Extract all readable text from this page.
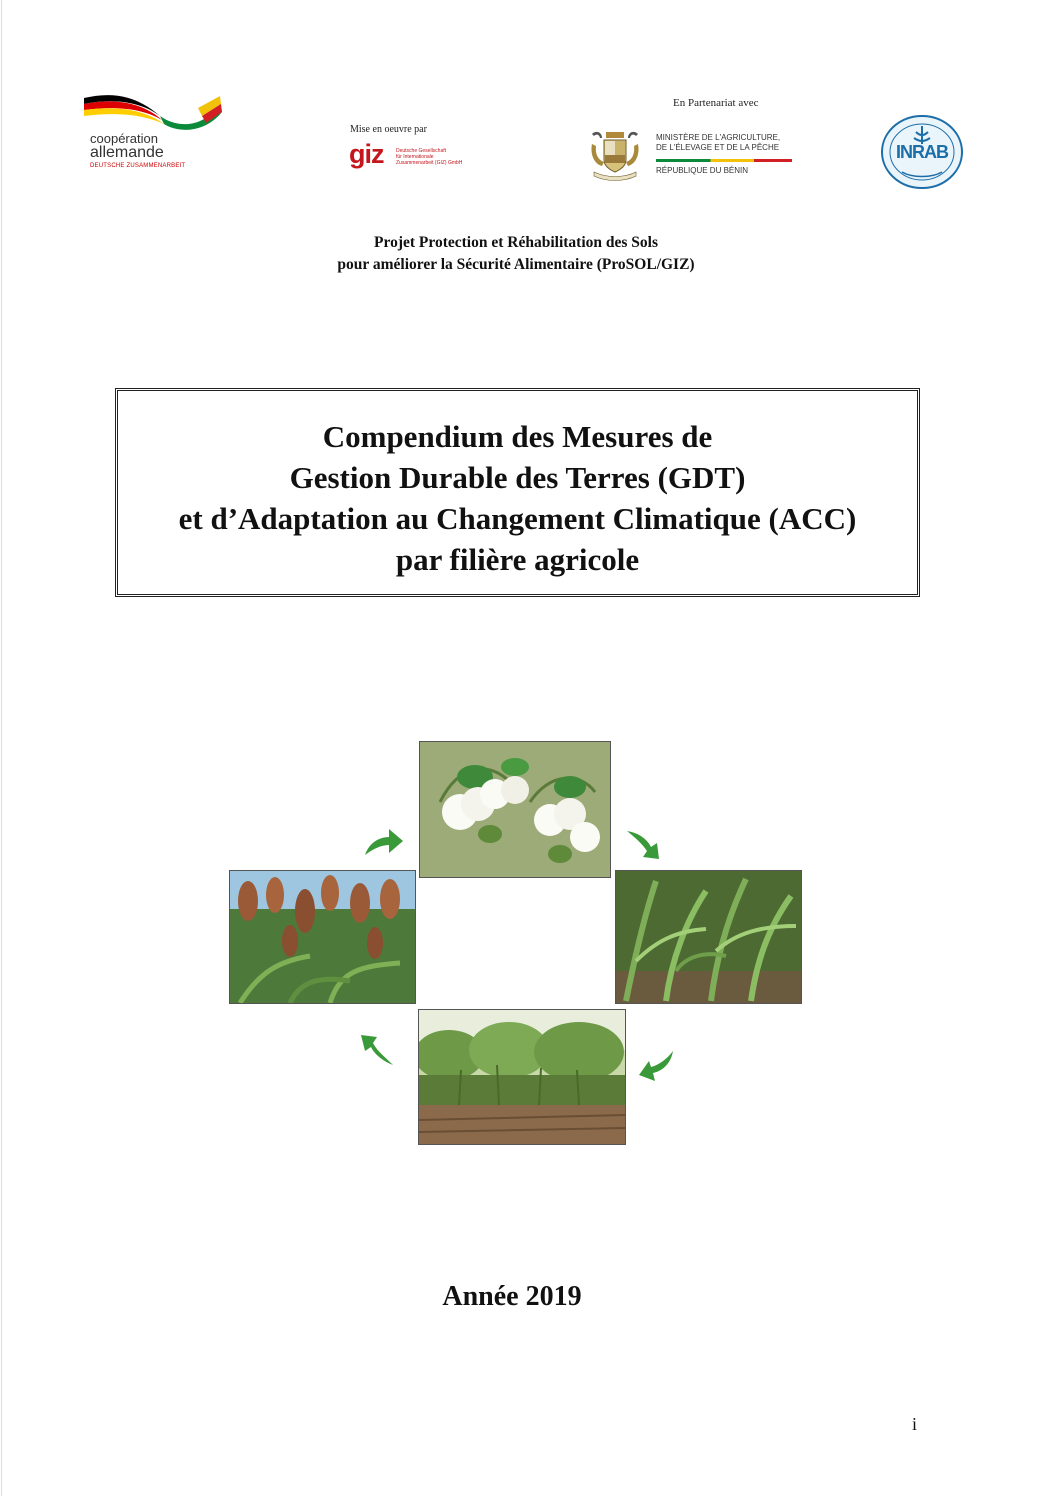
coopération
allemande
DEUTSCHE ZUSAMMENARBEIT
Mise en oeuvre par
giz	Deutsche Gesellschaft
für Internationale
Zusammenarbeit (GIZ) GmbH
En Partenariat avec
MINISTÈRE DE L'AGRICULTURE,
DE L'ÉLEVAGE ET DE LA PÊCHE
RÉPUBLIQUE DU BÉNIN
INRAB
Projet Protection et Réhabilitation des Sols
pour améliorer la Sécurité Alimentaire (ProSOL/GIZ)
Compendium des Mesures de
Gestion Durable des Terres (GDT)
et d’Adaptation au Changement Climatique (ACC)
par filière agricole
Année 2019
i
